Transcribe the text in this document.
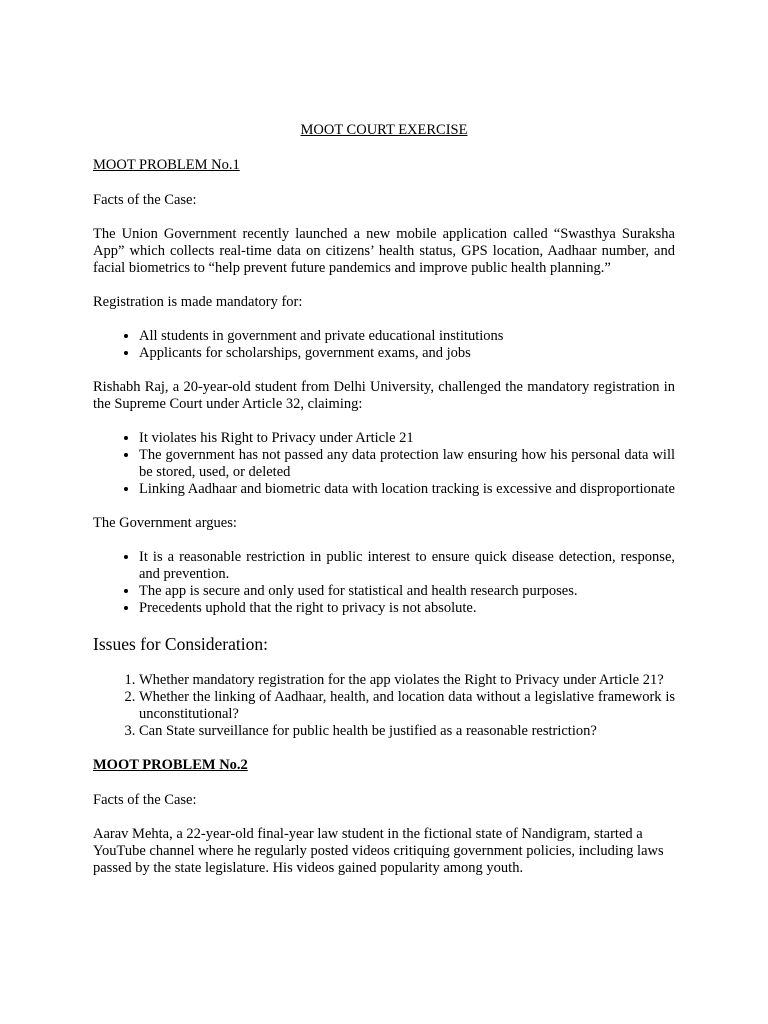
MOOT COURT EXERCISE
MOOT PROBLEM No.1

Facts of the Case:

The Union Government recently launched a new mobile application called “Swasthya Suraksha App” which collects real-time data on citizens’ health status, GPS location, Aadhaar number, and facial biometrics to “help prevent future pandemics and improve public health planning.”

Registration is made mandatory for:

• All students in government and private educational institutions
• Applicants for scholarships, government exams, and jobs

Rishabh Raj, a 20-year-old student from Delhi University, challenged the mandatory registration in the Supreme Court under Article 32, claiming:

• It violates his Right to Privacy under Article 21
• The government has not passed any data protection law ensuring how his personal data will be stored, used, or deleted
• Linking Aadhaar and biometric data with location tracking is excessive and disproportionate

The Government argues:

• It is a reasonable restriction in public interest to ensure quick disease detection, response, and prevention.
• The app is secure and only used for statistical and health research purposes.
• Precedents uphold that the right to privacy is not absolute.
Issues for Consideration:
1. Whether mandatory registration for the app violates the Right to Privacy under Article 21?
2. Whether the linking of Aadhaar, health, and location data without a legislative framework is unconstitutional?
3. Can State surveillance for public health be justified as a reasonable restriction?
MOOT PROBLEM No.2

Facts of the Case:

Aarav Mehta, a 22-year-old final-year law student in the fictional state of Nandigram, started a YouTube channel where he regularly posted videos critiquing government policies, including laws passed by the state legislature. His videos gained popularity among youth.
